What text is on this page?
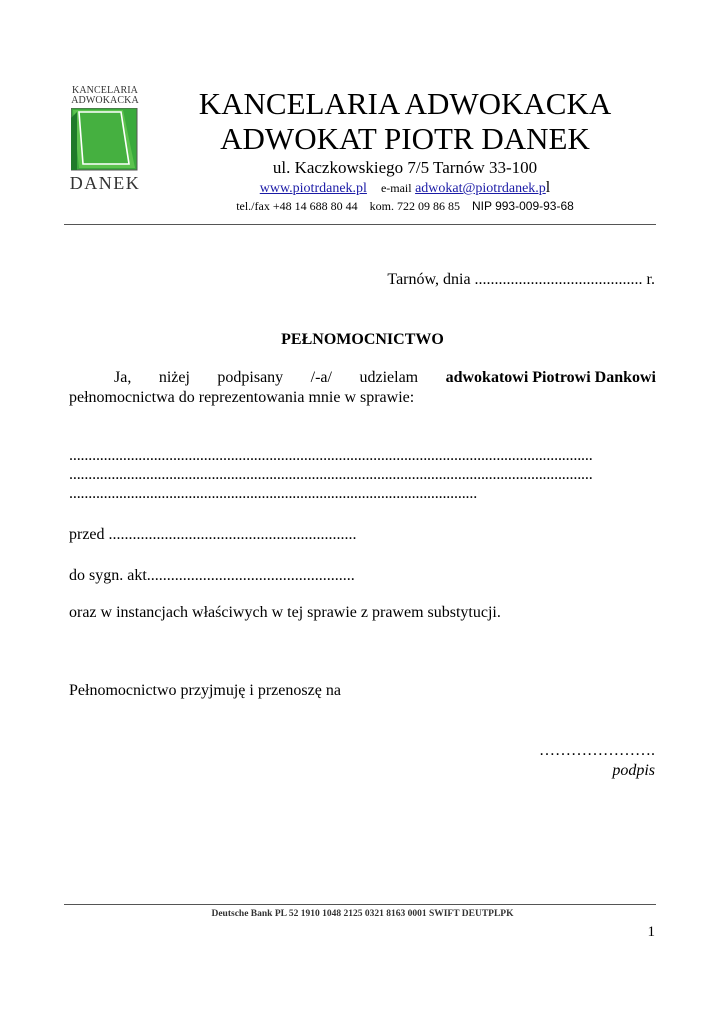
KANCELARIA
ADWOKACKA
DANEK
KANCELARIA ADWOKACKA
ADWOKAT PIOTR DANEK
ul. Kaczkowskiego 7/5 Tarnów 33-100
www.piotrdanek.pl e-mail adwokat@piotrdanek.pl
tel./fax +48 14 688 80 44 kom. 722 09 86 85 NIP 993-009-93-68
Tarnów, dnia .......................................... r.
PEŁNOMOCNICTWO
Ja, niżej podpisany /-a/ udzielam adwokatowi Piotrowi Dankowi
pełnomocnictwa do reprezentowania mnie w sprawie:
........................................................................................................................................
........................................................................................................................................
..........................................................................................................
przed ..............................................................
do sygn. akt....................................................
oraz w instancjach właściwych w tej sprawie z prawem substytucji.
Pełnomocnictwo przyjmuję i przenoszę na
………………….
podpis
Deutsche Bank PL 52 1910 1048 2125 0321 8163 0001 SWIFT DEUTPLPK
1
